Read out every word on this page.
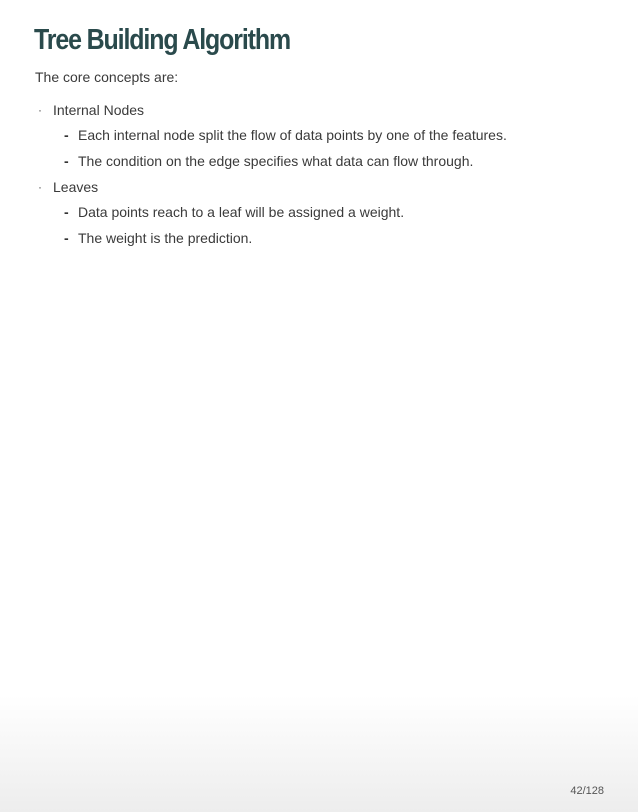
Tree Building Algorithm

The core concepts are:

· Internal Nodes
- Each internal node split the flow of data points by one of the features.
- The condition on the edge specifies what data can flow through.
· Leaves
- Data points reach to a leaf will be assigned a weight.
- The weight is the prediction.
42/128
